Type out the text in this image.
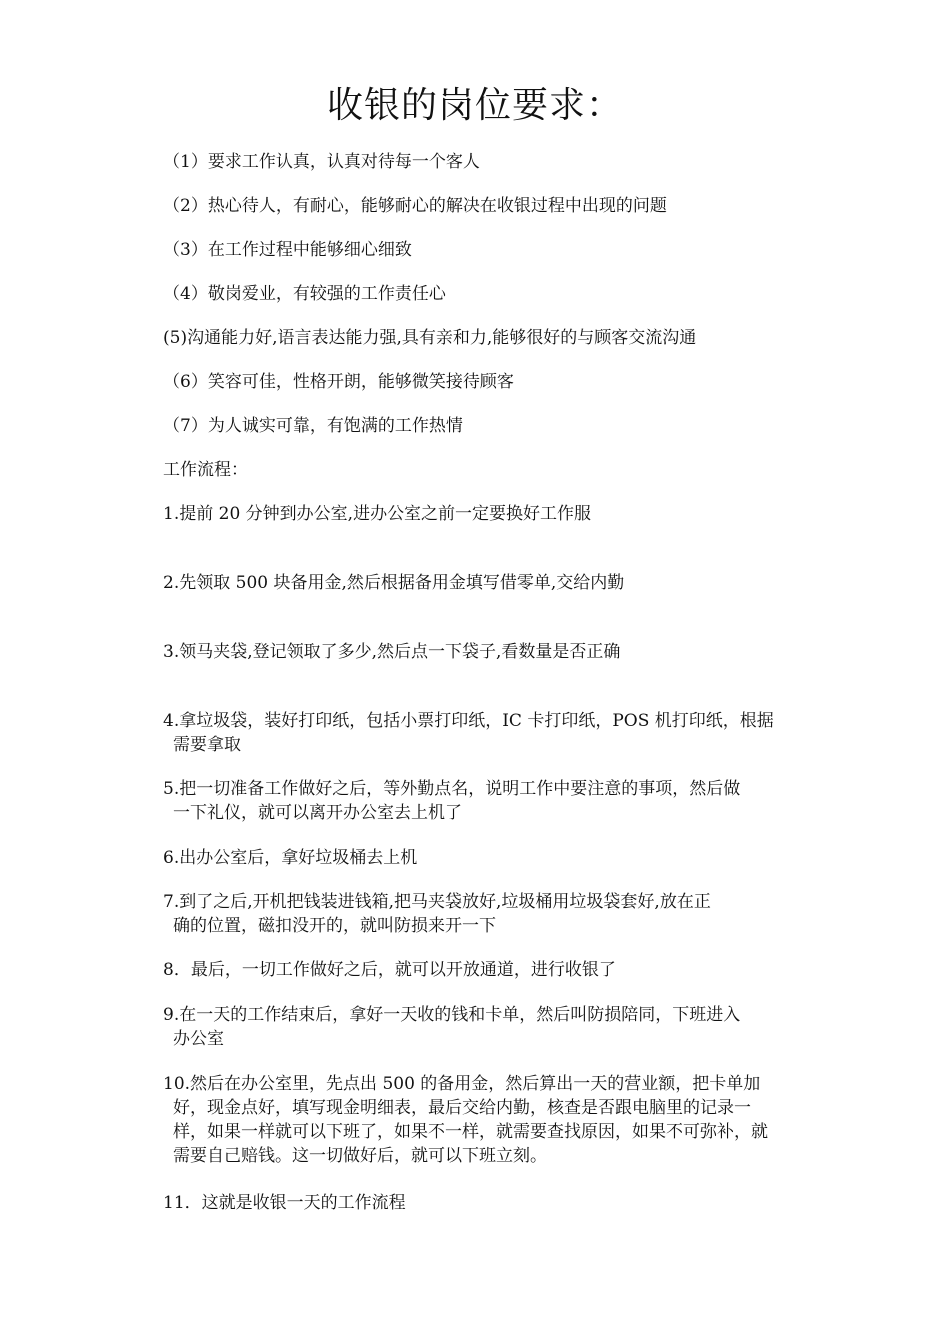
收银的岗位要求：
（1）要求工作认真，认真对待每一个客人
（2）热心待人，有耐心，能够耐心的解决在收银过程中出现的问题
（3）在工作过程中能够细心细致
（4）敬岗爱业，有较强的工作责任心
(5)沟通能力好,语言表达能力强,具有亲和力,能够很好的与顾客交流沟通
（6）笑容可佳，性格开朗，能够微笑接待顾客
（7）为人诚实可靠，有饱满的工作热情
工作流程：
1.提前 20 分钟到办公室,进办公室之前一定要换好工作服
2.先领取 500 块备用金,然后根据备用金填写借零单,交给内勤
3.领马夹袋,登记领取了多少,然后点一下袋子,看数量是否正确
4.拿垃圾袋，装好打印纸，包括小票打印纸，IC 卡打印纸，POS 机打印纸，根据
需要拿取
5.把一切准备工作做好之后，等外勤点名，说明工作中要注意的事项，然后做
一下礼仪，就可以离开办公室去上机了
6.出办公室后，拿好垃圾桶去上机
7.到了之后,开机把钱装进钱箱,把马夹袋放好,垃圾桶用垃圾袋套好,放在正
确的位置，磁扣没开的，就叫防损来开一下
8．最后，一切工作做好之后，就可以开放通道，进行收银了
9.在一天的工作结束后，拿好一天收的钱和卡单，然后叫防损陪同，下班进入
办公室
10.然后在办公室里，先点出 500 的备用金，然后算出一天的营业额，把卡单加
好，现金点好，填写现金明细表，最后交给内勤，核查是否跟电脑里的记录一
样，如果一样就可以下班了，如果不一样，就需要查找原因，如果不可弥补，就
需要自己赔钱。这一切做好后，就可以下班立刻。
11．这就是收银一天的工作流程
